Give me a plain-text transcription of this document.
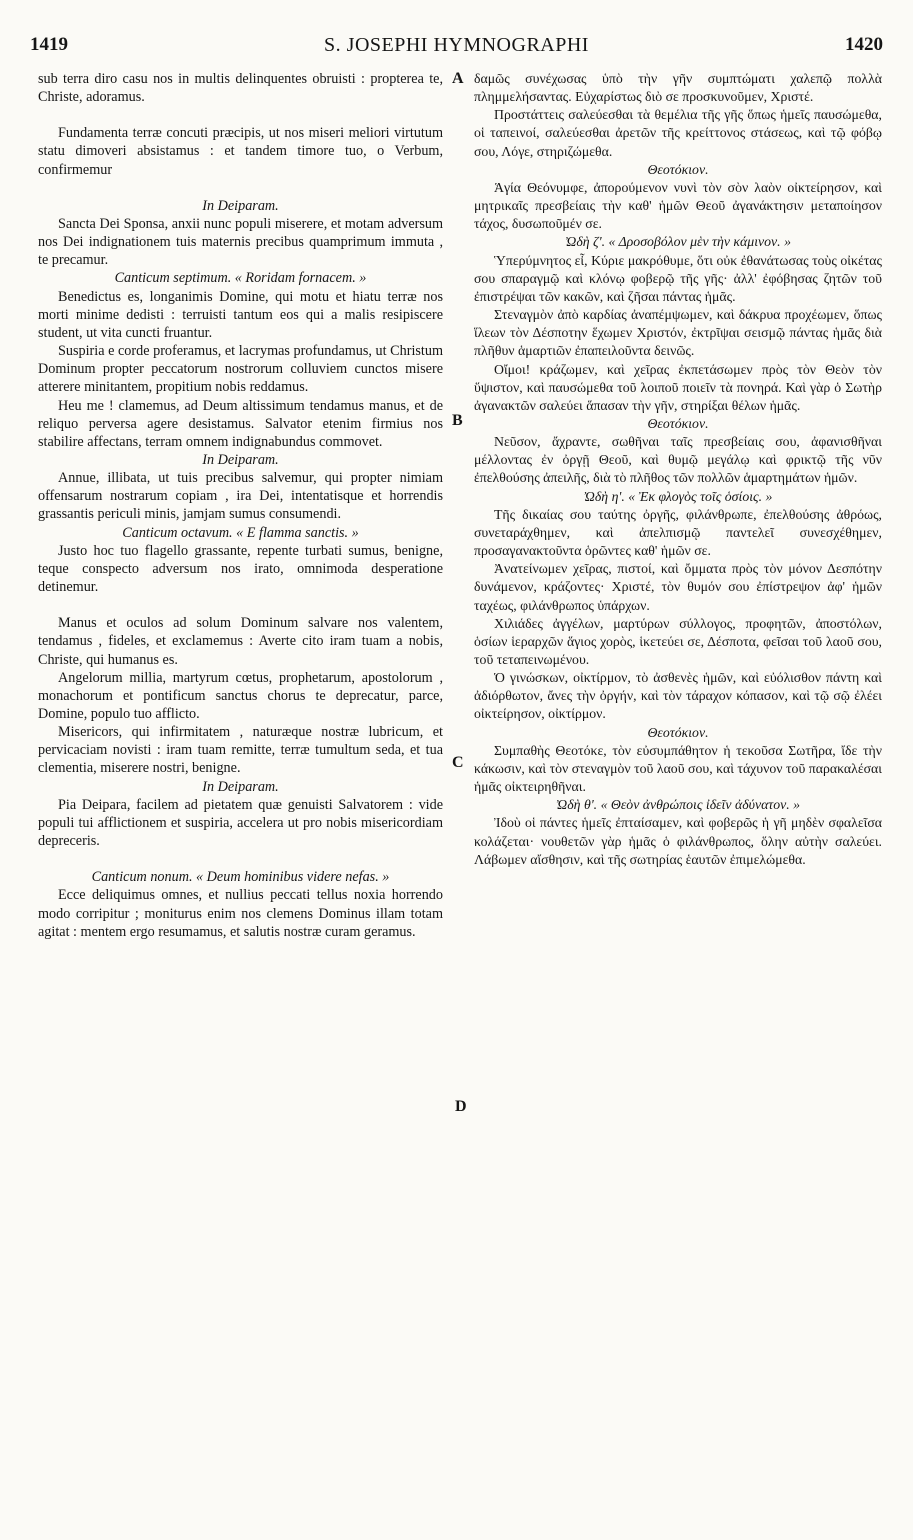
1419	S. JOSEPHI HYMNOGRAPHI	1420
A
B
C
D

sub terra diro casu nos in multis delinquentes obruisti : propterea te, Christe, adoramus.

Fundamenta terræ concuti præcipis, ut nos miseri meliori virtutum statu dimoveri absistamus : et tandem timore tuo, o Verbum, confirmemur

In Deiparam.

Sancta Dei Sponsa, anxii nunc populi miserere, et motam adversum nos Dei indignationem tuis maternis precibus quamprimum immuta , te precamur.

Canticum septimum. « Roridam fornacem. »

Benedictus es, longanimis Domine, qui motu et hiatu terræ nos morti minime dedisti : terruisti tantum eos qui a malis resipiscere student, ut vita cuncti fruantur.

Suspiria e corde proferamus, et lacrymas profundamus, ut Christum Dominum propter peccatorum nostrorum colluviem cunctos misere atterere minitantem, propitium nobis reddamus.

Heu me ! clamemus, ad Deum altissimum tendamus manus, et de reliquo perversa agere desistamus. Salvator etenim firmius nos stabilire affectans, terram omnem indignabundus commovet.

In Deiparam.

Annue, illibata, ut tuis precibus salvemur, qui propter nimiam offensarum nostrarum copiam , ira Dei, intentatisque et horrendis grassantis periculi minis, jamjam sumus consumendi.

Canticum octavum. « E flamma sanctis. »

Justo hoc tuo flagello grassante, repente turbati sumus, benigne, teque conspecto adversum nos irato, omnimoda desperatione detinemur.

Manus et oculos ad solum Dominum salvare nos valentem, tendamus , fideles, et exclamemus : Averte cito iram tuam a nobis, Christe, qui humanus es.

Angelorum millia, martyrum cœtus, prophetarum, apostolorum , monachorum et pontificum sanctus chorus te deprecatur, parce, Domine, populo tuo afflicto.

Misericors, qui infirmitatem , naturæque nostræ lubricum, et pervicaciam novisti : iram tuam remitte, terræ tumultum seda, et tua clementia, miserere nostri, benigne.

In Deiparam.

Pia Deipara, facilem ad pietatem quæ genuisti Salvatorem : vide populi tui afflictionem et suspiria, accelera ut pro nobis misericordiam depreceris.

Canticum nonum. « Deum hominibus videre nefas. »

Ecce deliquimus omnes, et nullius peccati tellus noxia horrendo modo corripitur ; moniturus enim nos clemens Dominus illam totam agitat : mentem ergo resumamus, et salutis nostræ curam geramus.

δαμῶς συνέχωσας ὑπὸ τὴν γῆν συμπτώματι χαλεπῷ πολλὰ πλημμελήσαντας. Εὐχαρίστως διὸ σε προσκυνοῦμεν, Χριστέ.

Προστάττεις σαλεύεσθαι τὰ θεμέλια τῆς γῆς ὅπως ἡμεῖς παυσώμεθα, οἱ ταπεινοί, σαλεύεσθαι ἀρετῶν τῆς κρείττονος στάσεως, καὶ τῷ φόβῳ σου, Λόγε, στηριζώμεθα.

Θεοτόκιον.

Ἁγία Θεόνυμφε, ἀπορούμενον νυνὶ τὸν σὸν λαὸν οἰκτείρησον, καὶ μητρικαῖς πρεσβείαις τὴν καθ' ἡμῶν Θεοῦ ἀγανάκτησιν μεταποίησον τάχος, δυσωποῦμέν σε.

Ὠδὴ ζ'. « Δροσοβόλον μὲν τὴν κάμινον. »

Ὑπερύμνητος εἶ, Κύριε μακρόθυμε, ὅτι οὐκ ἐθανάτωσας τοὺς οἰκέτας σου σπαραγμῷ καὶ κλόνῳ φοβερῷ τῆς γῆς· ἀλλ' ἐφόβησας ζητῶν τοῦ ἐπιστρέψαι τῶν κακῶν, καὶ ζῆσαι πάντας ἡμᾶς.

Στεναγμὸν ἀπὸ καρδίας ἀναπέμψωμεν, καὶ δάκρυα προχέωμεν, ὅπως ἵλεων τὸν Δέσποτην ἕχωμεν Χριστόν, ἐκτρῖψαι σεισμῷ πάντας ἡμᾶς διὰ πλῆθυν ἁμαρτιῶν ἐπαπειλοῦντα δεινῶς.

Οἴμοι! κράζωμεν, καὶ χεῖρας ἐκπετάσωμεν πρὸς τὸν Θεὸν τὸν ὕψιστον, καὶ παυσώμεθα τοῦ λοιποῦ ποιεῖν τὰ πονηρά. Καὶ γὰρ ὁ Σωτὴρ ἀγανακτῶν σαλεύει ἅπασαν τὴν γῆν, στηρίξαι θέλων ἡμᾶς.

Θεοτόκιον.

Νεῦσον, ἄχραντε, σωθῆναι ταῖς πρεσβείαις σου, ἀφανισθῆναι μέλλοντας ἐν ὀργῇ Θεοῦ, καὶ θυμῷ μεγάλῳ καὶ φρικτῷ τῆς νῦν ἐπελθούσης ἀπειλῆς, διὰ τὸ πλῆθος τῶν πολλῶν ἁμαρτημάτων ἡμῶν.

Ὠδὴ η'. « Ἐκ φλογὸς τοῖς ὁσίοις. »

Τῆς δικαίας σου ταύτης ὀργῆς, φιλάνθρωπε, ἐπελθούσης ἀθρόως, συνεταράχθημεν, καὶ ἀπελπισμῷ παντελεῖ συνεσχέθημεν, προσαγανακτοῦντα ὁρῶντες καθ' ἡμῶν σε.

Ἀνατείνωμεν χεῖρας, πιστοί, καὶ ὄμματα πρὸς τὸν μόνον Δεσπότην δυνάμενον, κράζοντες· Χριστέ, τὸν θυμόν σου ἐπίστρεψον ἀφ' ἡμῶν ταχέως, φιλάνθρωπος ὑπάρχων.

Χιλιάδες ἀγγέλων, μαρτύρων σύλλογος, προφητῶν, ἀποστόλων, ὁσίων ἱεραρχῶν ἅγιος χορὸς, ἱκετεύει σε, Δέσποτα, φεῖσαι τοῦ λαοῦ σου, τοῦ τεταπεινωμένου.

Ὁ γινώσκων, οἰκτίρμον, τὸ ἀσθενὲς ἡμῶν, καὶ εὐόλισθον πάντη καὶ ἀδιόρθωτον, ἄνες τὴν ὀργήν, καὶ τὸν τάραχον κόπασον, καὶ τῷ σῷ ἐλέει οἰκτείρησον, οἰκτίρμον.

Θεοτόκιον.

Συμπαθὴς Θεοτόκε, τὸν εὐσυμπάθητον ἡ τεκοῦσα Σωτῆρα, ἴδε τὴν κάκωσιν, καὶ τὸν στεναγμὸν τοῦ λαοῦ σου, καὶ τάχυνον τοῦ παρακαλέσαι ἡμᾶς οἰκτειρηθῆναι.

Ὠδὴ θ'. « Θεὸν ἀνθρώποις ἰδεῖν ἀδύνατον. »

Ἰδοὺ οἱ πάντες ἡμεῖς ἐπταίσαμεν, καὶ φοβερῶς ἡ γῆ μηδὲν σφαλεῖσα κολάζεται· νουθετῶν γὰρ ἡμᾶς ὁ φιλάνθρωπος, ὅλην αὐτὴν σαλεύει. Λάβωμεν αἴσθησιν, καὶ τῆς σωτηρίας ἑαυτῶν ἐπιμελώμεθα.
